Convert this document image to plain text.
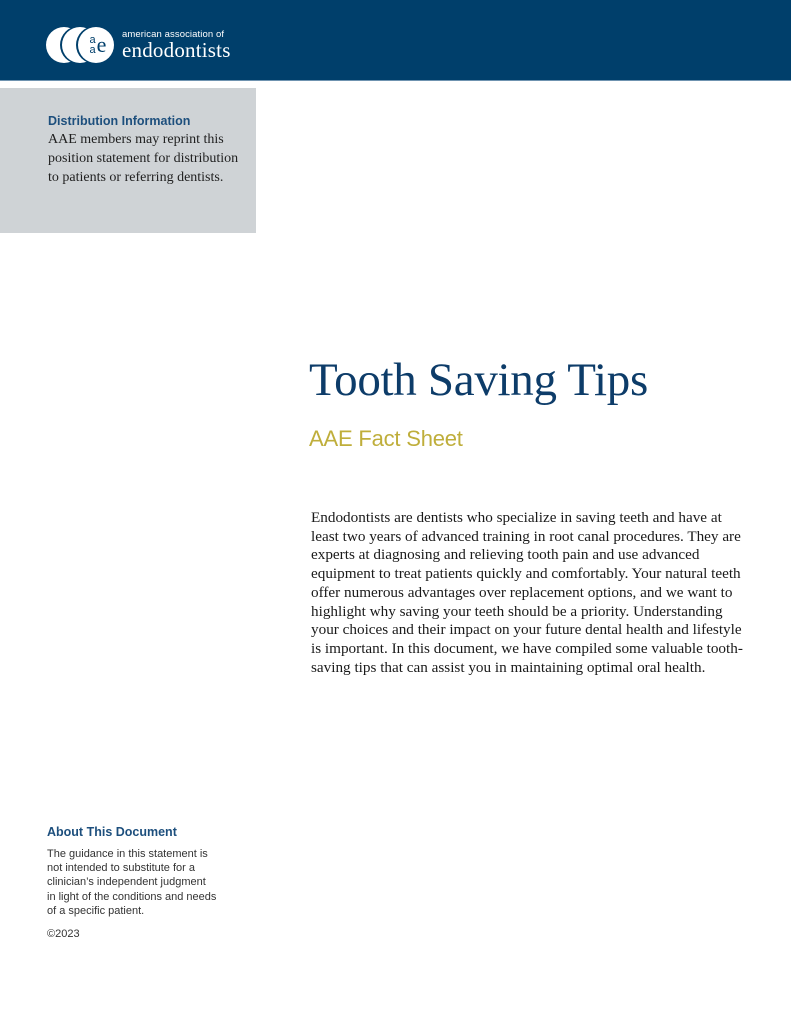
a
a e american association of
endodontists
Distribution Information

AAE members may reprint this position statement for distribution to patients or referring dentists.

Tooth Saving Tips
AAE Fact Sheet

Endodontists are dentists who specialize in saving teeth and have at least two years of advanced training in root canal procedures. They are experts at diagnosing and relieving tooth pain and use advanced equipment to treat patients quickly and comfortably. Your natural teeth offer numerous advantages over replacement options, and we want to highlight why saving your teeth should be a priority. Understanding your choices and their impact on your future dental health and lifestyle is important. In this document, we have compiled some valuable tooth-saving tips that can assist you in maintaining optimal oral health.

About This Document

The guidance in this statement is not intended to substitute for a clinician’s independent judgment in light of the conditions and needs of a specific patient.

©2023
